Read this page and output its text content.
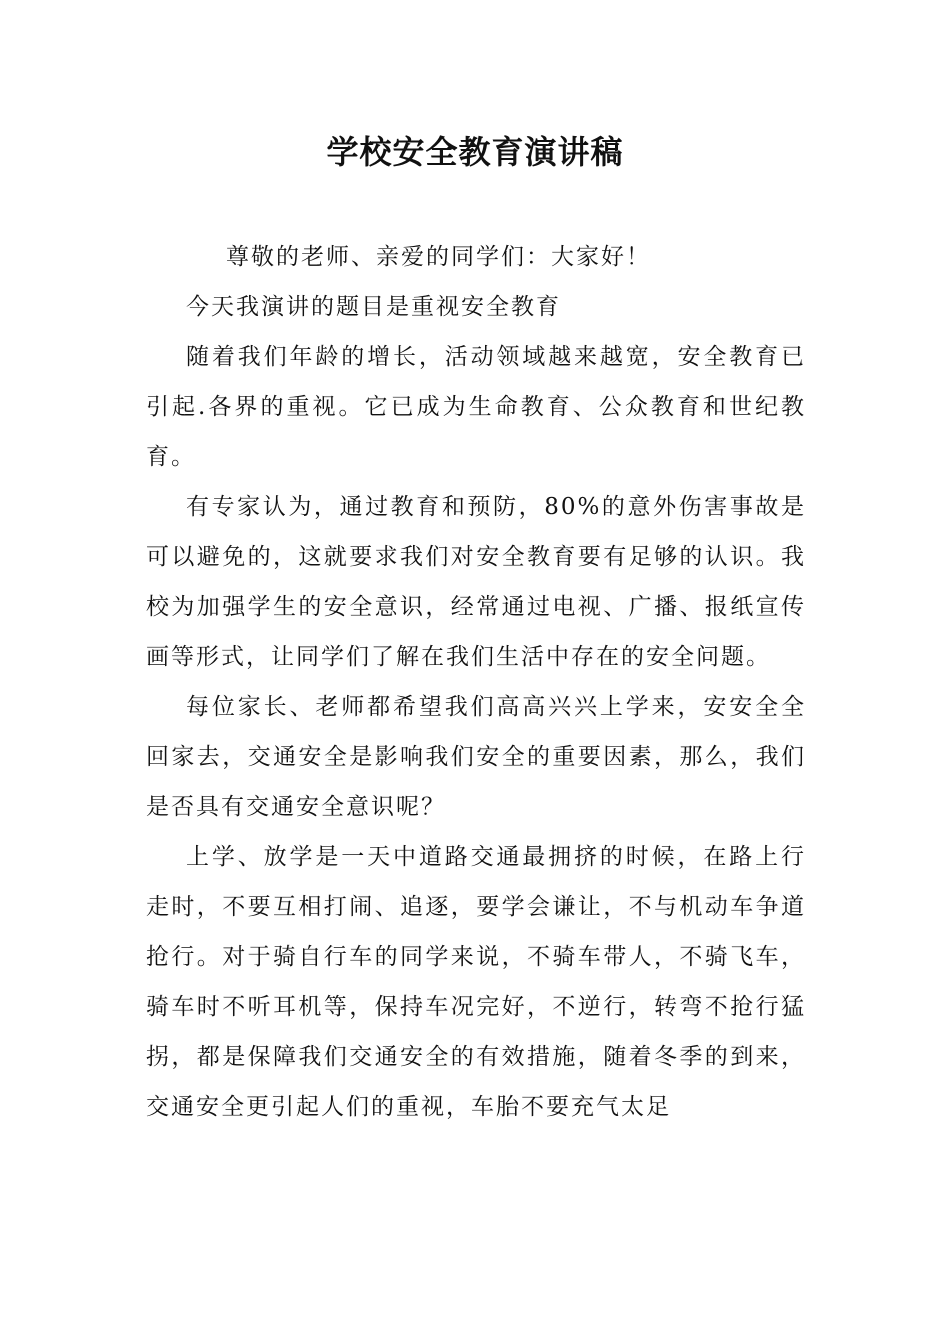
学校安全教育演讲稿

尊敬的老师、亲爱的同学们：大家好！

今天我演讲的题目是重视安全教育

随着我们年龄的增长，活动领域越来越宽，安全教育已引起.各界的重视。它已成为生命教育、公众教育和世纪教育。

有专家认为，通过教育和预防，80%的意外伤害事故是可以避免的，这就要求我们对安全教育要有足够的认识。我校为加强学生的安全意识，经常通过电视、广播、报纸宣传画等形式，让同学们了解在我们生活中存在的安全问题。

每位家长、老师都希望我们高高兴兴上学来，安安全全回家去，交通安全是影响我们安全的重要因素，那么，我们是否具有交通安全意识呢？

上学、放学是一天中道路交通最拥挤的时候，在路上行走时，不要互相打闹、追逐，要学会谦让，不与机动车争道抢行。对于骑自行车的同学来说，不骑车带人，不骑飞车，骑车时不听耳机等，保持车况完好，不逆行，转弯不抢行猛拐，都是保障我们交通安全的有效措施，随着冬季的到来，交通安全更引起人们的重视，车胎不要充气太足
